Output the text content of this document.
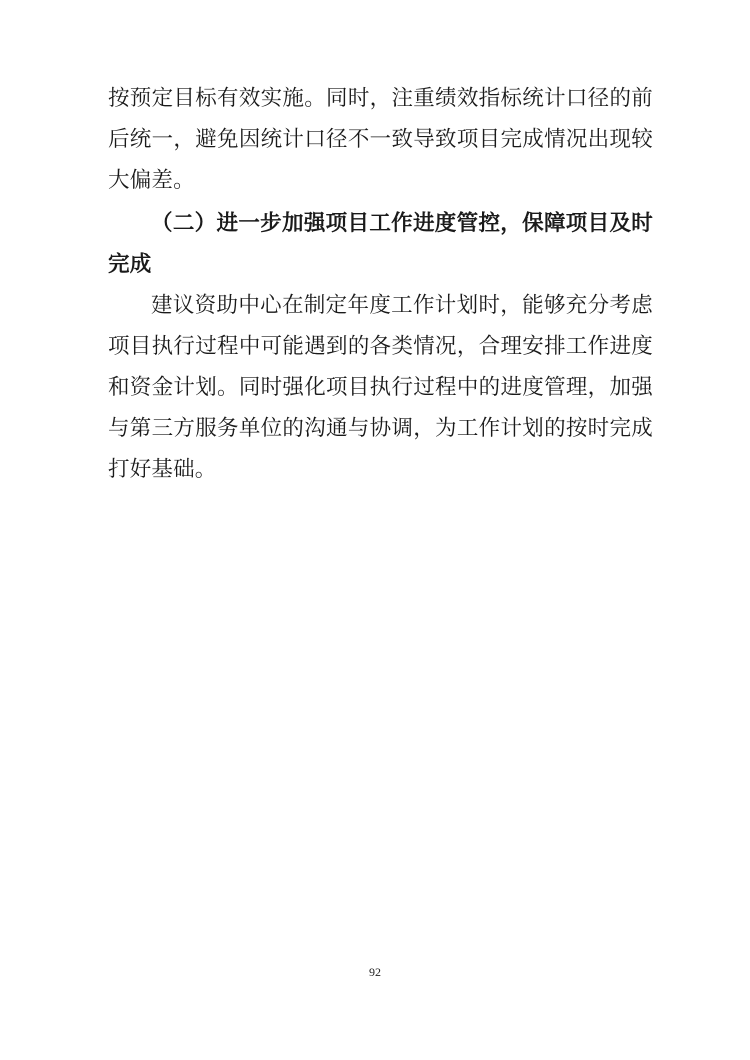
按预定目标有效实施。同时，注重绩效指标统计口径的前后统一，避免因统计口径不一致导致项目完成情况出现较大偏差。

（二）进一步加强项目工作进度管控，保障项目及时完成

建议资助中心在制定年度工作计划时，能够充分考虑项目执行过程中可能遇到的各类情况，合理安排工作进度和资金计划。同时强化项目执行过程中的进度管理，加强与第三方服务单位的沟通与协调，为工作计划的按时完成打好基础。

92
